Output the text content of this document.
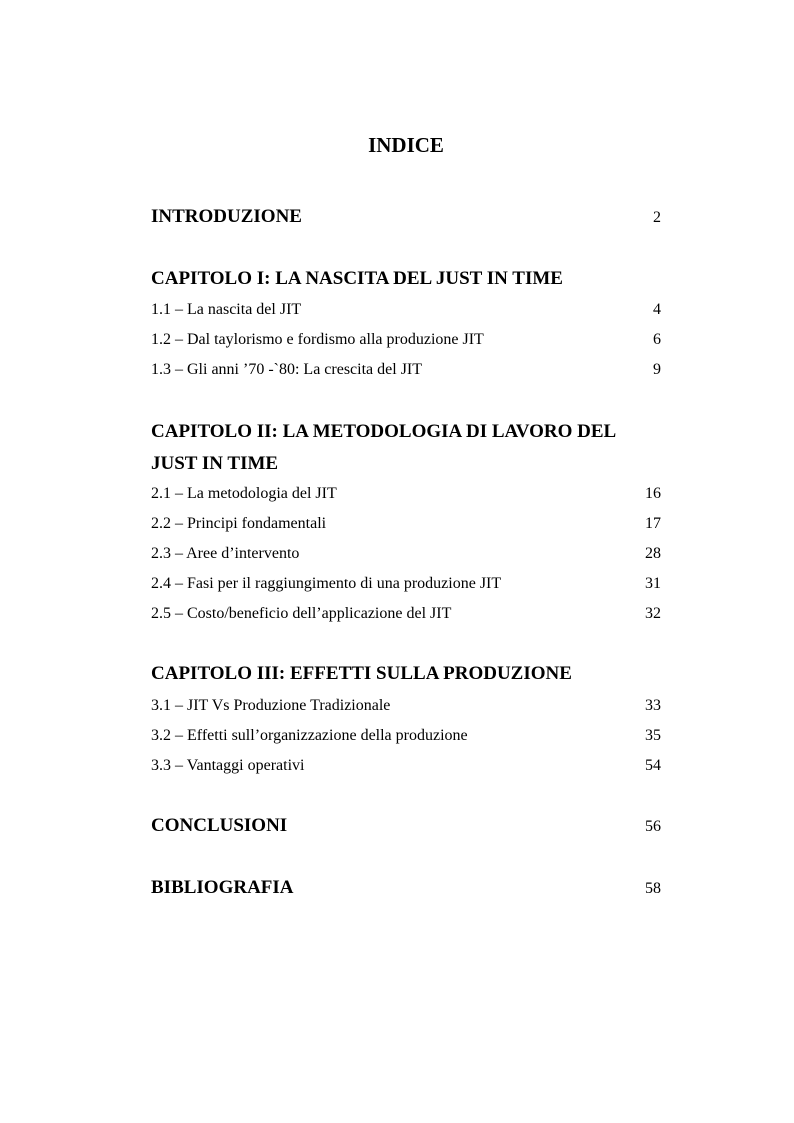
INDICE
INTRODUZIONE	2
CAPITOLO I: LA NASCITA DEL JUST IN TIME
1.1 – La nascita del JIT	4
1.2 – Dal taylorismo e fordismo alla produzione JIT	6
1.3 – Gli anni ’70 -`80: La crescita del JIT	9
CAPITOLO II: LA METODOLOGIA DI LAVORO DEL
JUST IN TIME
2.1 – La metodologia del JIT	16
2.2 – Principi fondamentali	17
2.3 – Aree d’intervento	28
2.4 – Fasi per il raggiungimento di una produzione JIT	31
2.5 – Costo/beneficio dell’applicazione del JIT	32
CAPITOLO III: EFFETTI SULLA PRODUZIONE
3.1 – JIT Vs Produzione Tradizionale	33
3.2 – Effetti sull’organizzazione della produzione	35
3.3 – Vantaggi operativi	54
CONCLUSIONI	56
BIBLIOGRAFIA	58
